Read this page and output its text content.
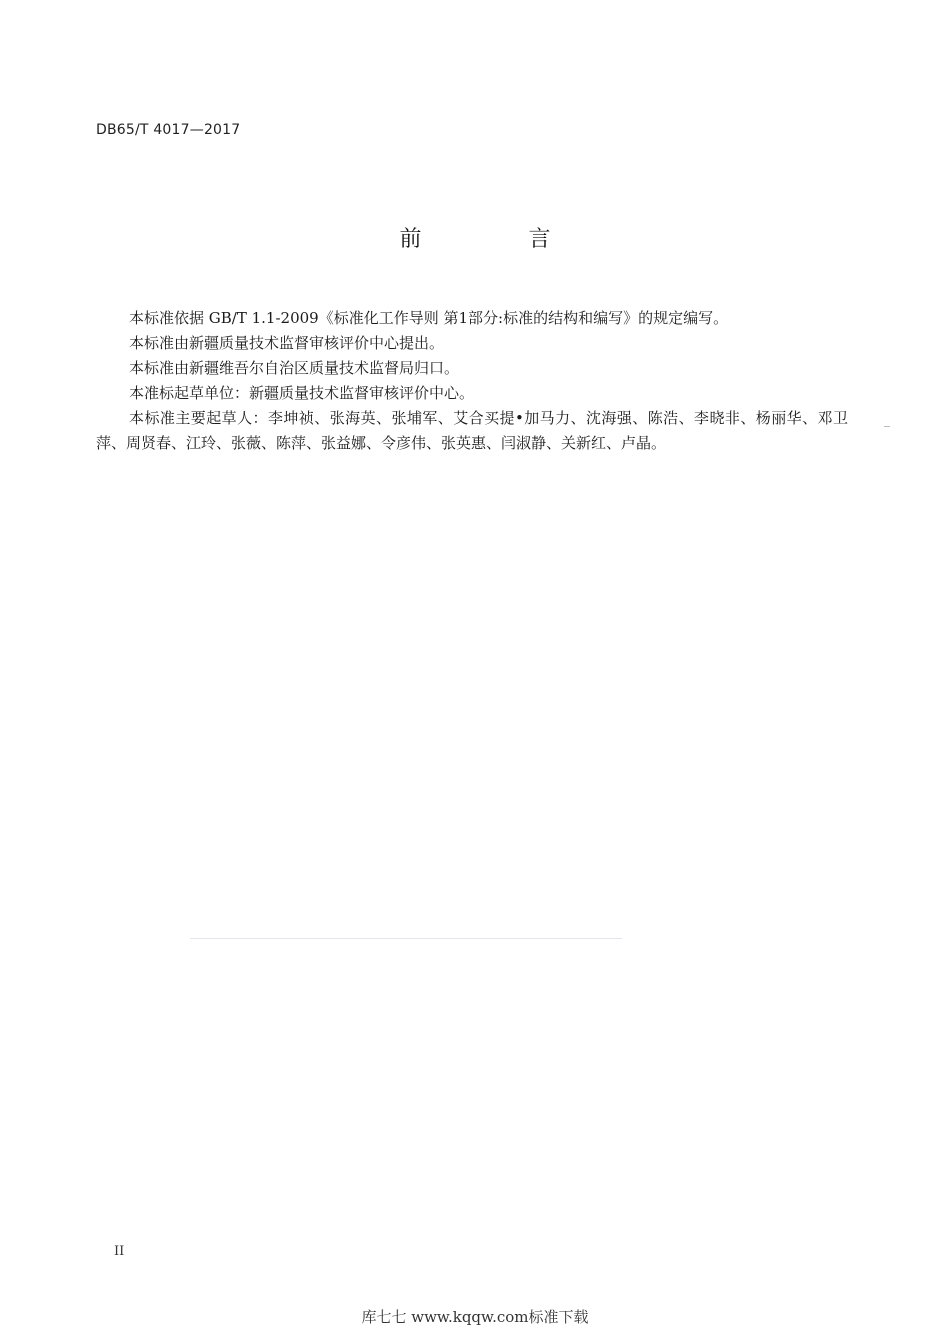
DB65/T 4017—2017
前 言

本标准依据 GB/T 1.1-2009《标准化工作导则 第1部分:标准的结构和编写》的规定编写。

本标准由新疆质量技术监督审核评价中心提出。

本标准由新疆维吾尔自治区质量技术监督局归口。

本准标起草单位：新疆质量技术监督审核评价中心。

本标准主要起草人：李坤祯、张海英、张埔军、艾合买提•加马力、沈海强、陈浩、李晓非、杨丽华、邓卫萍、周贤春、江玲、张薇、陈萍、张益娜、令彦伟、张英惠、闫淑静、关新红、卢晶。

II
库七七 www.kqqw.com标准下载
